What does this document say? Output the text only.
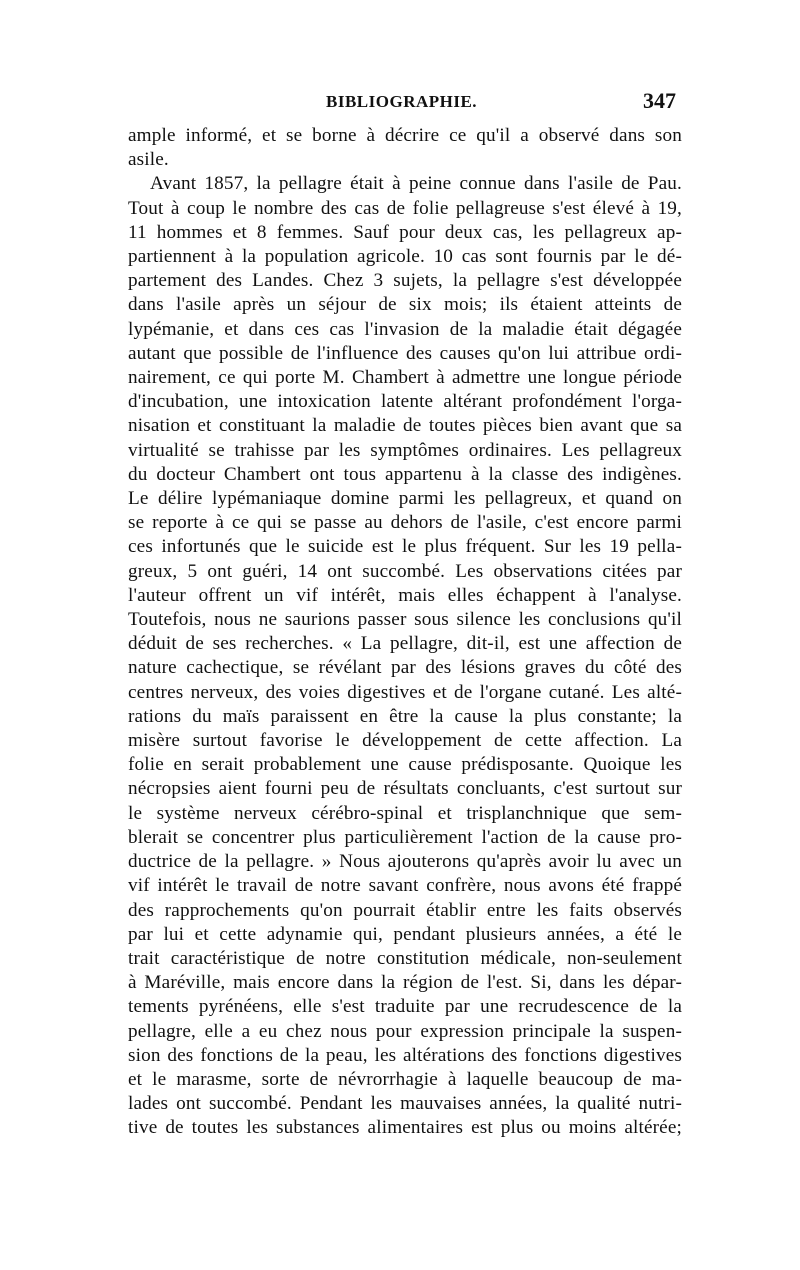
BIBLIOGRAPHIE.	347

ample informé, et se borne à décrire ce qu'il a observé dans son

asile.

Avant 1857, la pellagre était à peine connue dans l'asile de Pau.

Tout à coup le nombre des cas de folie pellagreuse s'est élevé à 19,

11 hommes et 8 femmes. Sauf pour deux cas, les pellagreux ap-

partiennent à la population agricole. 10 cas sont fournis par le dé-

partement des Landes. Chez 3 sujets, la pellagre s'est développée

dans l'asile après un séjour de six mois; ils étaient atteints de

lypémanie, et dans ces cas l'invasion de la maladie était dégagée

autant que possible de l'influence des causes qu'on lui attribue ordi-

nairement, ce qui porte M. Chambert à admettre une longue période

d'incubation, une intoxication latente altérant profondément l'orga-

nisation et constituant la maladie de toutes pièces bien avant que sa

virtualité se trahisse par les symptômes ordinaires. Les pellagreux

du docteur Chambert ont tous appartenu à la classe des indigènes.

Le délire lypémaniaque domine parmi les pellagreux, et quand on

se reporte à ce qui se passe au dehors de l'asile, c'est encore parmi

ces infortunés que le suicide est le plus fréquent. Sur les 19 pella-

greux, 5 ont guéri, 14 ont succombé. Les observations citées par

l'auteur offrent un vif intérêt, mais elles échappent à l'analyse.

Toutefois, nous ne saurions passer sous silence les conclusions qu'il

déduit de ses recherches. « La pellagre, dit-il, est une affection de

nature cachectique, se révélant par des lésions graves du côté des

centres nerveux, des voies digestives et de l'organe cutané. Les alté-

rations du maïs paraissent en être la cause la plus constante; la

misère surtout favorise le développement de cette affection. La

folie en serait probablement une cause prédisposante. Quoique les

nécropsies aient fourni peu de résultats concluants, c'est surtout sur

le système nerveux cérébro-spinal et trisplanchnique que sem-

blerait se concentrer plus particulièrement l'action de la cause pro-

ductrice de la pellagre. » Nous ajouterons qu'après avoir lu avec un

vif intérêt le travail de notre savant confrère, nous avons été frappé

des rapprochements qu'on pourrait établir entre les faits observés

par lui et cette adynamie qui, pendant plusieurs années, a été le

trait caractéristique de notre constitution médicale, non-seulement

à Maréville, mais encore dans la région de l'est. Si, dans les dépar-

tements pyrénéens, elle s'est traduite par une recrudescence de la

pellagre, elle a eu chez nous pour expression principale la suspen-

sion des fonctions de la peau, les altérations des fonctions digestives

et le marasme, sorte de névrorrhagie à laquelle beaucoup de ma-

lades ont succombé. Pendant les mauvaises années, la qualité nutri-

tive de toutes les substances alimentaires est plus ou moins altérée;
